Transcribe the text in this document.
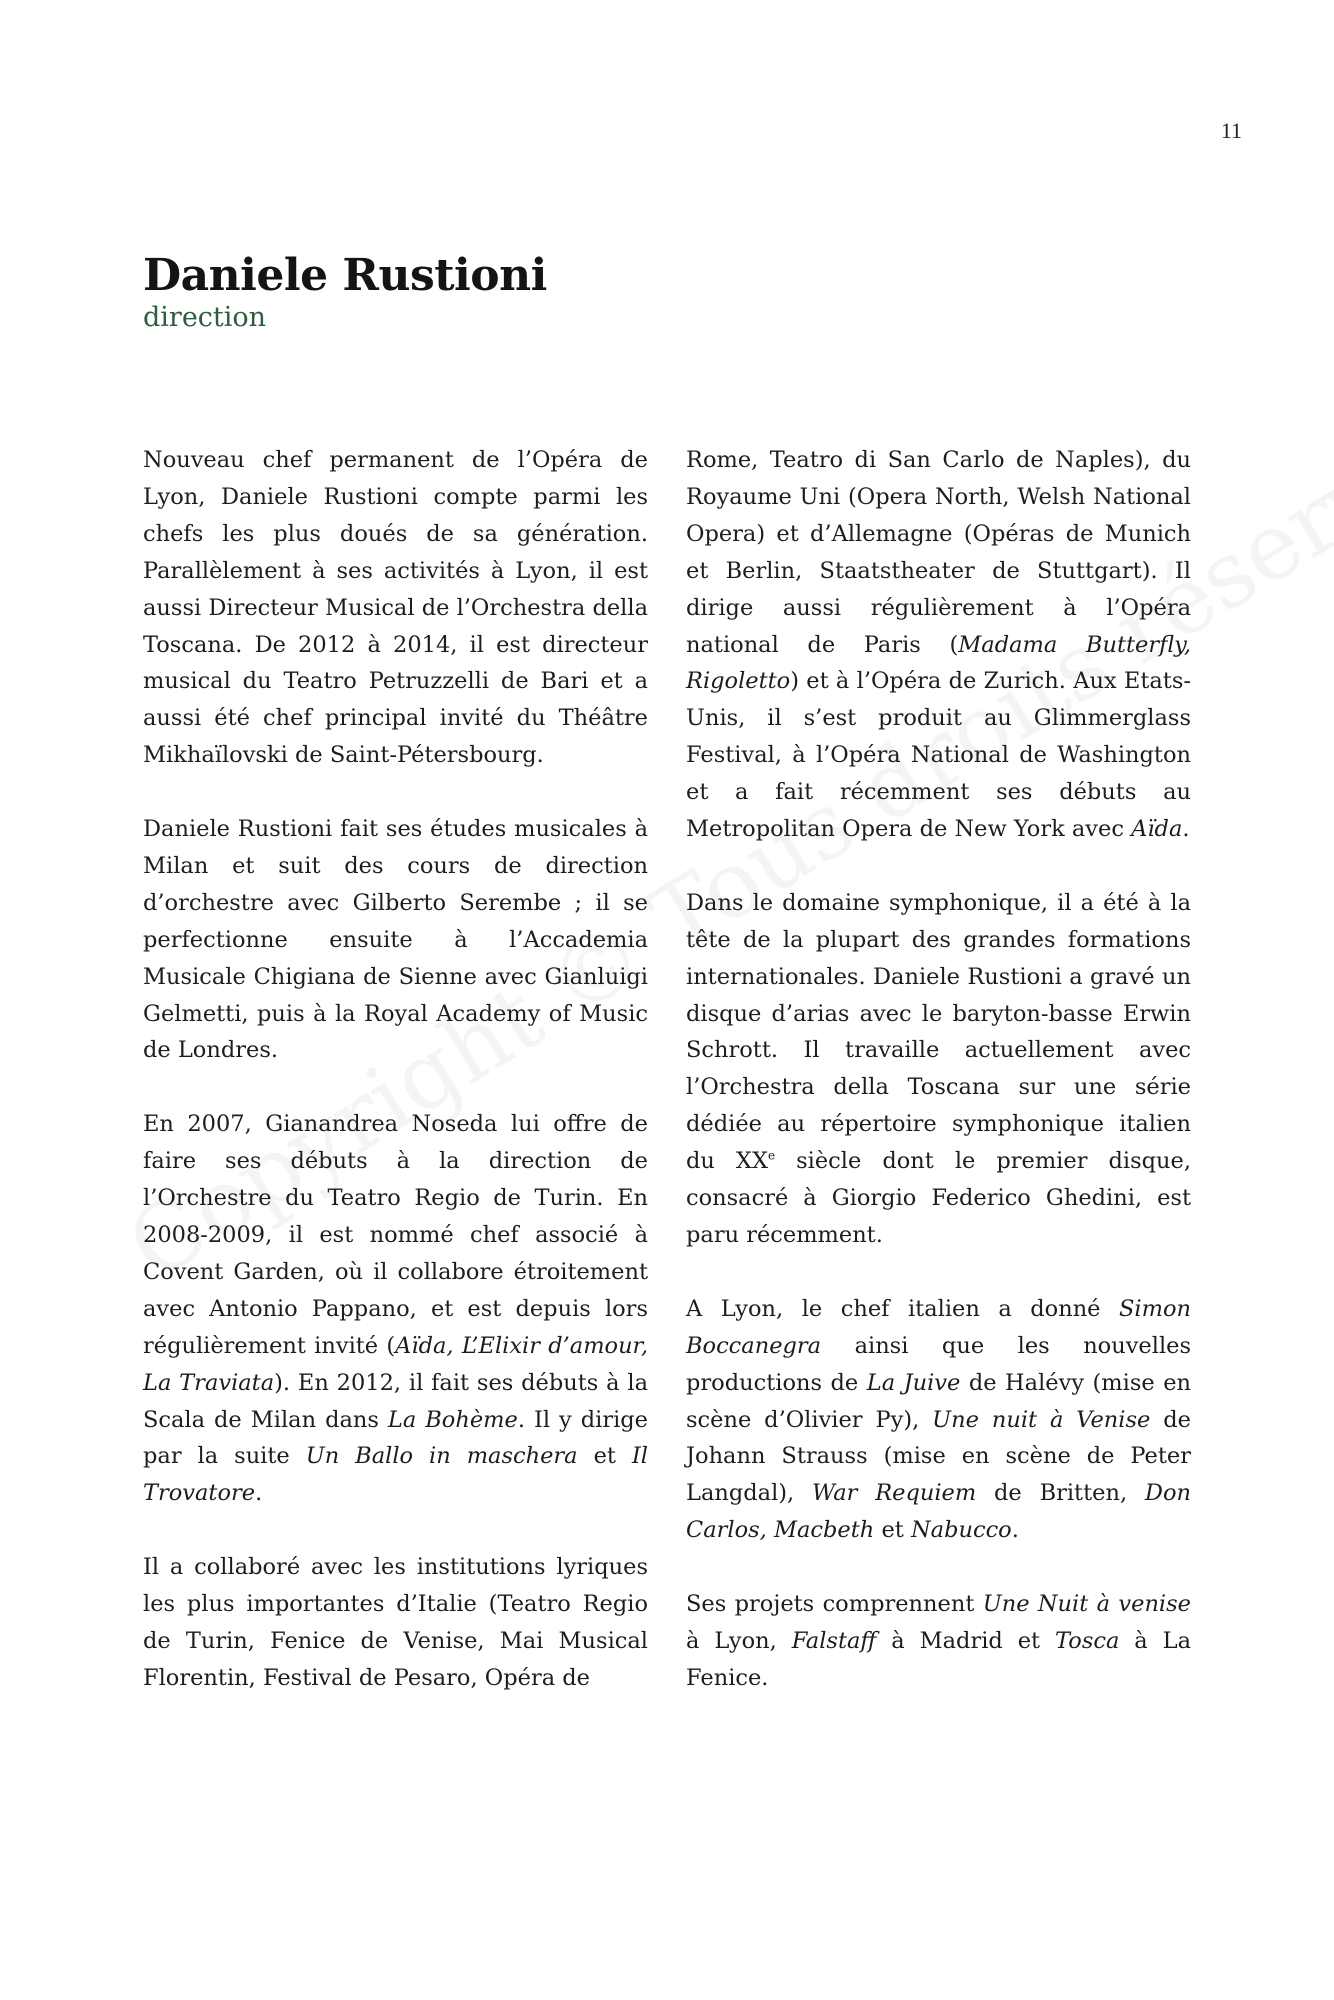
11
Daniele Rustioni
direction

Nouveau chef permanent de l’Opéra de Lyon, Daniele Rustioni compte parmi les chefs les plus doués de sa génération. Parallèlement à ses activités à Lyon, il est aussi Directeur Musical de l’Orchestra della Toscana. De 2012 à 2014, il est directeur musical du Teatro Petruzzelli de Bari et a aussi été chef principal invité du Théâtre Mikhaïlovski de Saint-Pétersbourg.

Daniele Rustioni fait ses études musicales à Milan et suit des cours de direction d’orchestre avec Gilberto Serembe ; il se perfectionne ensuite à l’Accademia Musicale Chigiana de Sienne avec Gianluigi Gelmetti, puis à la Royal Academy of Music de Londres.

En 2007, Gianandrea Noseda lui offre de faire ses débuts à la direction de l’Orchestre du Teatro Regio de Turin. En 2008-2009, il est nommé chef associé à Covent Garden, où il collabore étroitement avec Antonio Pappano, et est depuis lors régulièrement invité (Aïda, L’Elixir d’amour, La Traviata). En 2012, il fait ses débuts à la Scala de Milan dans La Bohème. Il y dirige par la suite Un Ballo in maschera et Il Trovatore.

Il a collaboré avec les institutions lyriques les plus importantes d’Italie (Teatro Regio de Turin, Fenice de Venise, Mai Musical Florentin, Festival de Pesaro, Opéra de

Rome, Teatro di San Carlo de Naples), du Royaume Uni (Opera North, Welsh National Opera) et d’Allemagne (Opéras de Munich et Berlin, Staatstheater de Stuttgart). Il dirige aussi régulièrement à l’Opéra national de Paris (Madama Butterfly, Rigoletto) et à l’Opéra de Zurich. Aux Etats-Unis, il s’est produit au Glimmerglass Festival, à l’Opéra National de Washington et a fait récemment ses débuts au Metropolitan Opera de New York avec Aïda.

Dans le domaine symphonique, il a été à la tête de la plupart des grandes formations internationales. Daniele Rustioni a gravé un disque d’arias avec le baryton-basse Erwin Schrott. Il travaille actuellement avec l’Orchestra della Toscana sur une série dédiée au répertoire symphonique italien du XXe siècle dont le premier disque, consacré à Giorgio Federico Ghedini, est paru récemment.

A Lyon, le chef italien a donné Simon Boccanegra ainsi que les nouvelles productions de La Juive de Halévy (mise en scène d’Olivier Py), Une nuit à Venise de Johann Strauss (mise en scène de Peter Langdal), War Requiem de Britten, Don Carlos, Macbeth et Nabucco.

Ses projets comprennent Une Nuit à venise à Lyon, Falstaff à Madrid et Tosca à La Fenice.
